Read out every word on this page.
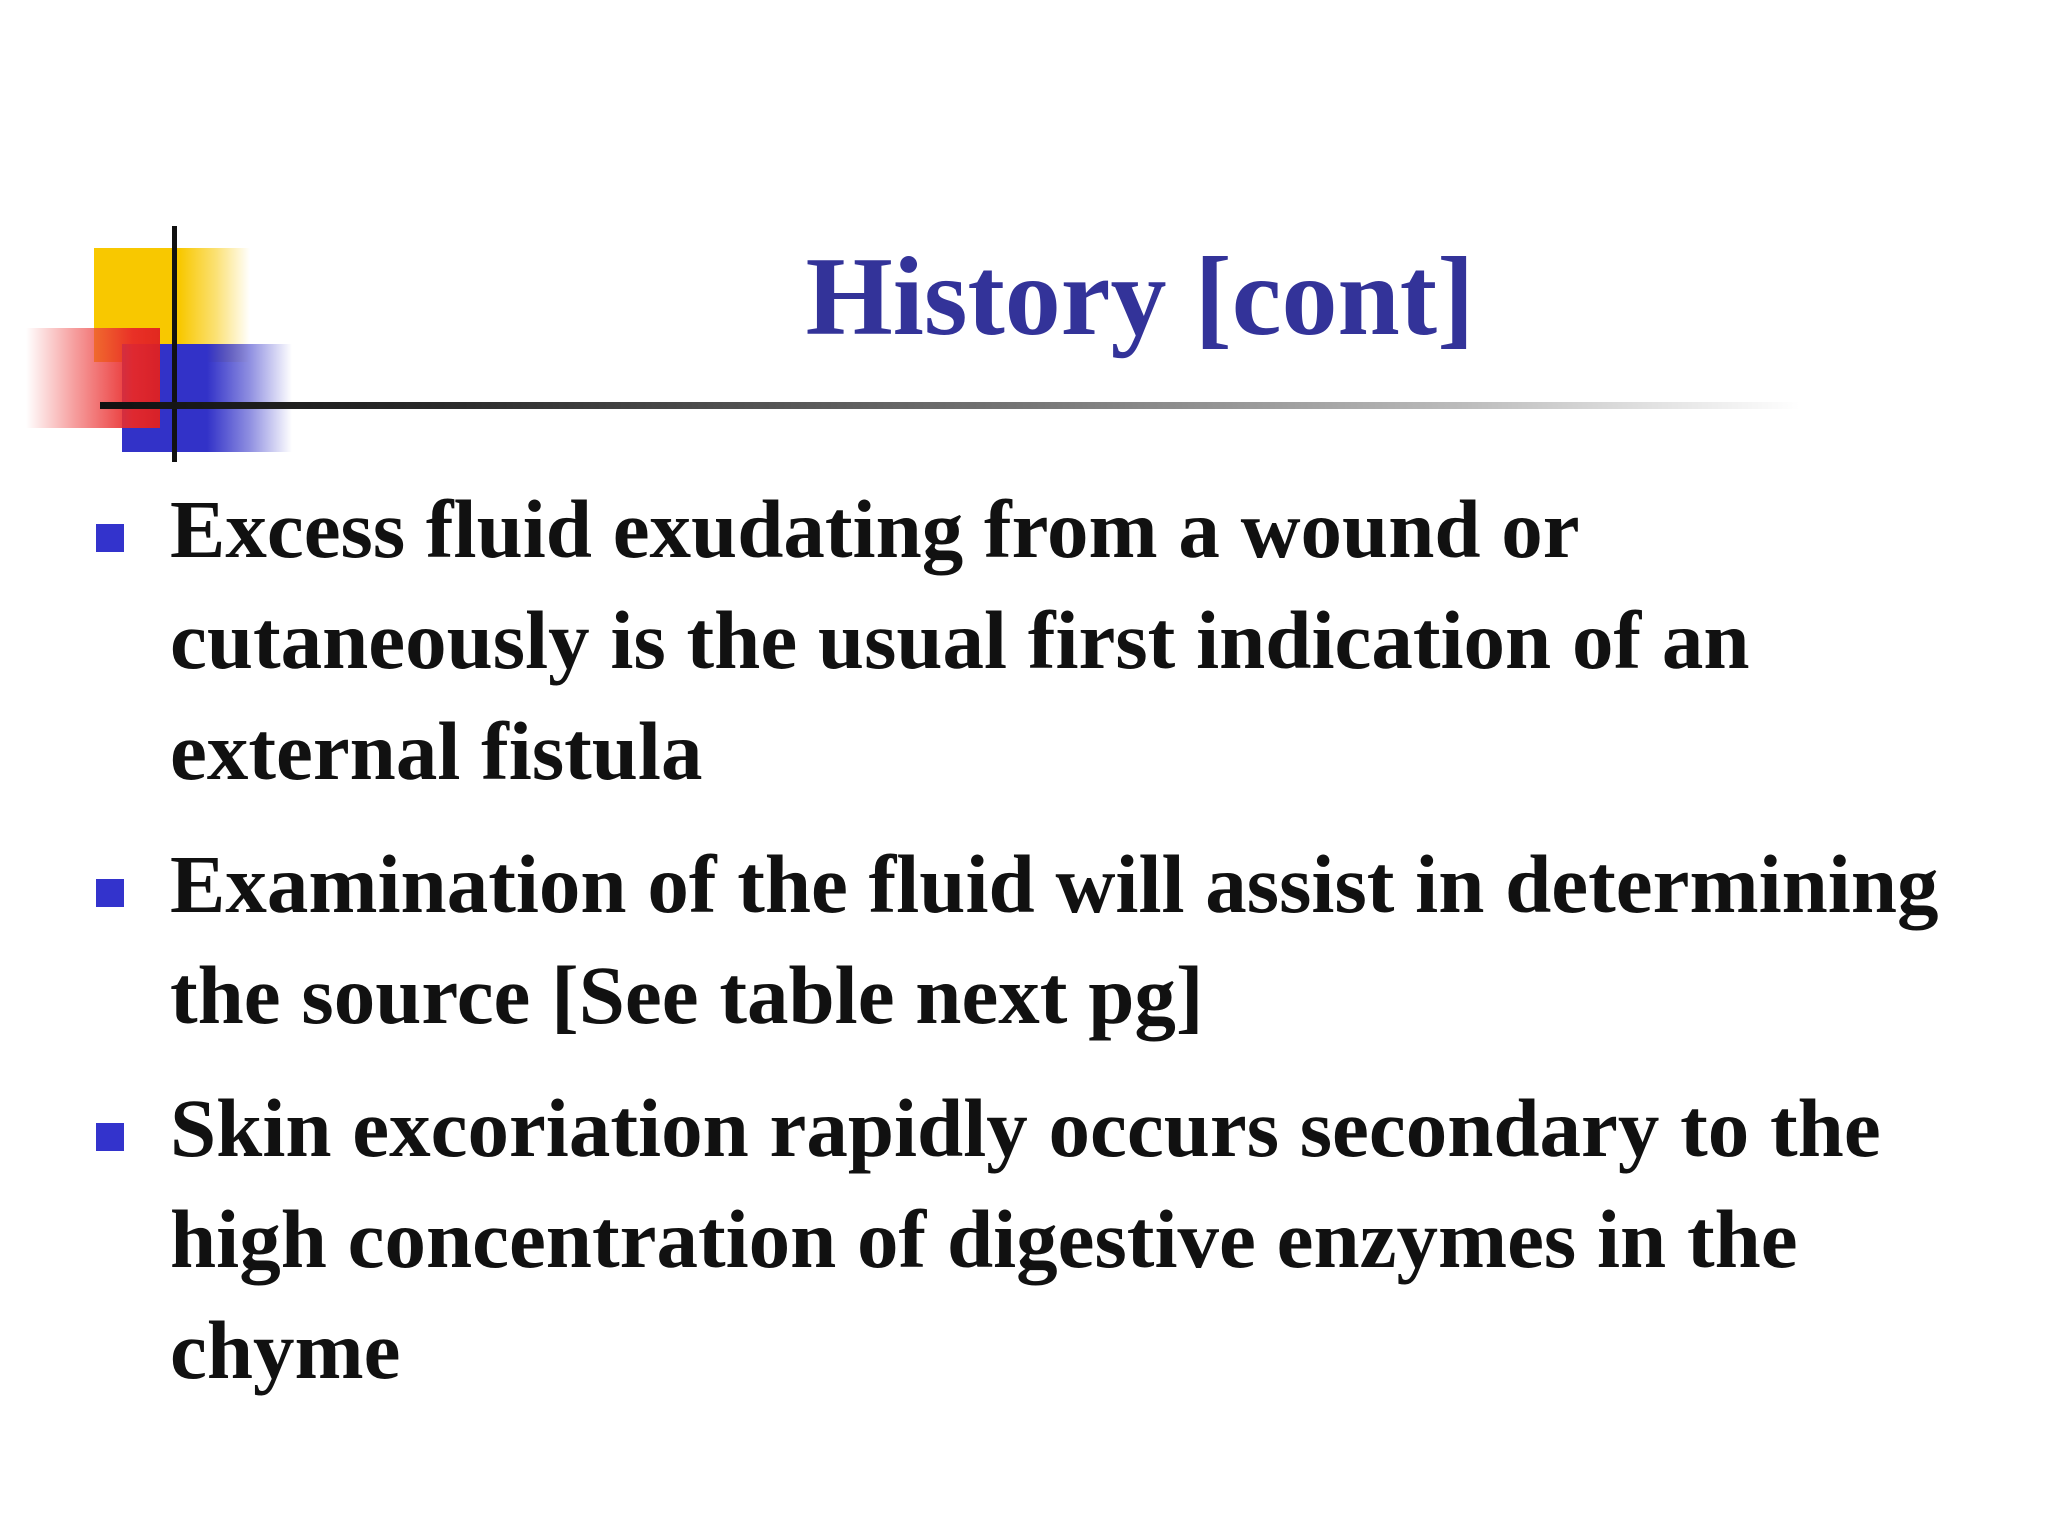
History [cont]
Excess fluid exudating from a wound or cutaneously is the usual first indication of an external fistula
Examination of the fluid will assist in determining the source [See table next pg]
Skin excoriation rapidly occurs secondary to the high concentration of digestive enzymes in the chyme
